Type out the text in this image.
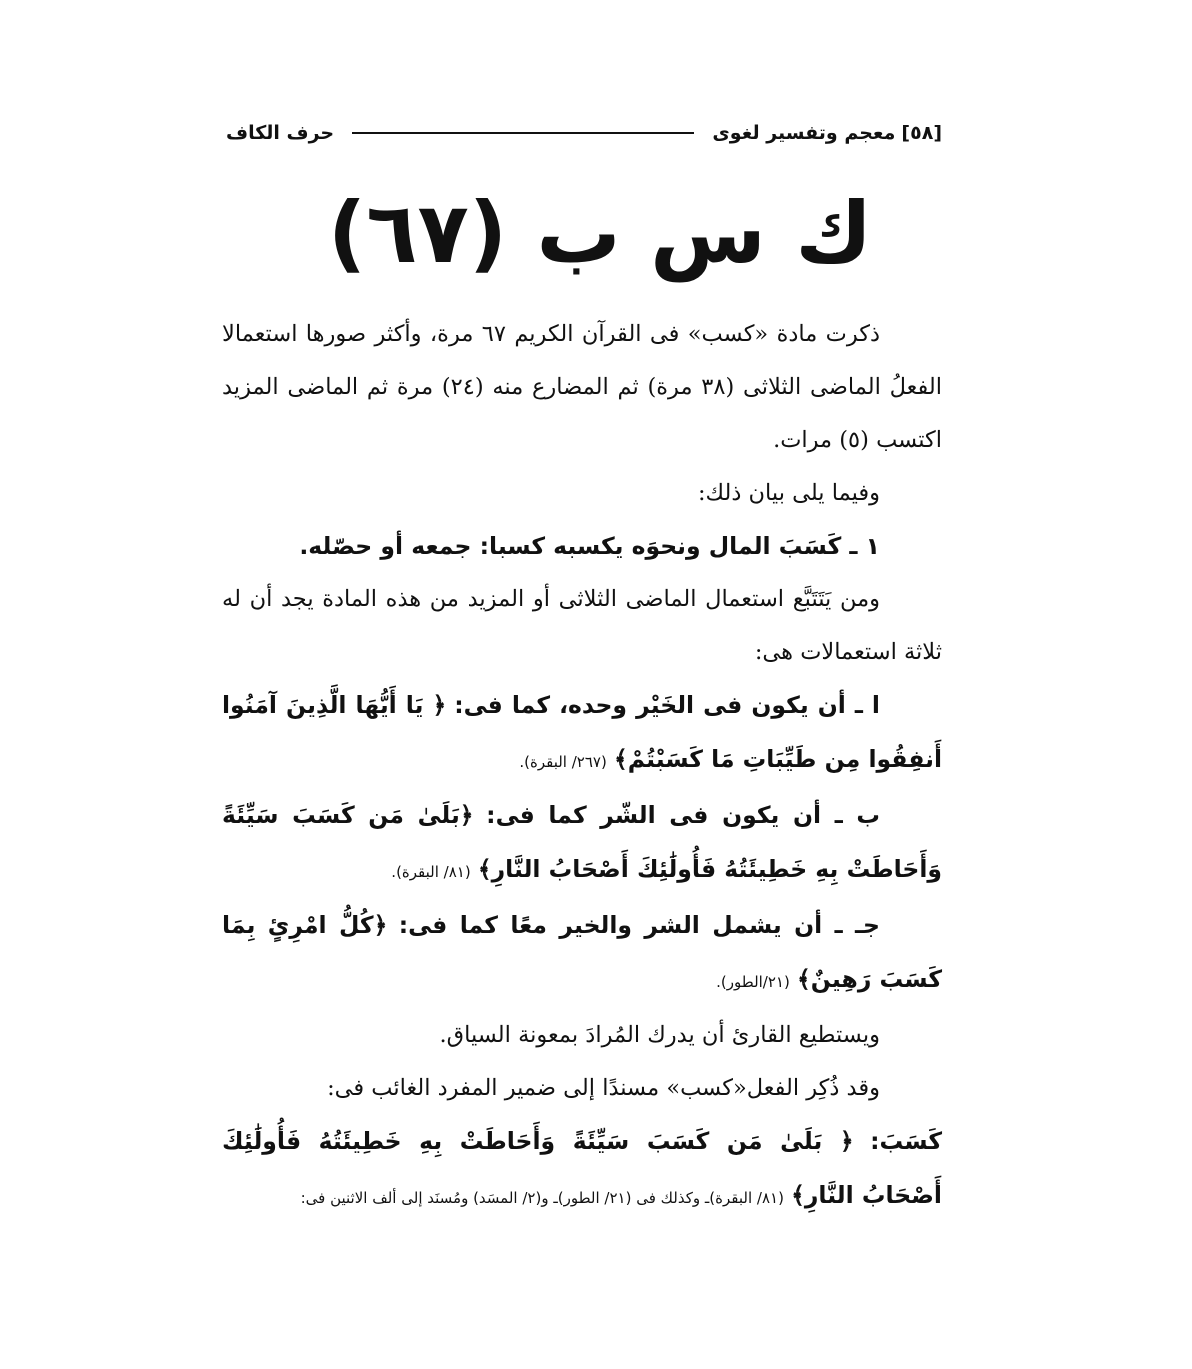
[٥٨]
معجم وتفسير لغوى
حرف الكاف
ك س ب (٦٧)

ذكرت مادة «كسب» فى القرآن الكريم ٦٧ مرة، وأكثر صورها استعمالا الفعلُ الماضى الثلاثى (٣٨ مرة) ثم المضارع منه (٢٤) مرة ثم الماضى المزيد اكتسب (٥) مرات.

وفيما يلى بيان ذلك:

١ ـ كَسَبَ المال ونحوَه يكسبه كسبا: جمعه أو حصّله.

ومن يَتَتَبَّع استعمال الماضى الثلاثى أو المزيد من هذه المادة يجد أن له ثلاثة استعمالات هى:

ا ـ أن يكون فى الخَيْر وحده، كما فى: ﴿ يَا أَيُّهَا الَّذِينَ آمَنُوا أَنفِقُوا مِن طَيِّبَاتِ مَا كَسَبْتُمْ﴾ (٢٦٧/ البقرة).

ب ـ أن يكون فى الشّر كما فى: ﴿بَلَىٰ مَن كَسَبَ سَيِّئَةً وَأَحَاطَتْ بِهِ خَطِيئَتُهُ فَأُولَٰئِكَ أَصْحَابُ النَّارِ﴾ (٨١/ البقرة).

جـ ـ أن يشمل الشر والخير معًا كما فى: ﴿كُلُّ امْرِئٍ بِمَا كَسَبَ رَهِينٌ﴾ (٢١/الطور).

ويستطيع القارئ أن يدرك المُرادَ بمعونة السياق.

وقد ذُكِر الفعل«كسب» مسندًا إلى ضمير المفرد الغائب فى:

كَسَبَ: ﴿ بَلَىٰ مَن كَسَبَ سَيِّئَةً وَأَحَاطَتْ بِهِ خَطِيئَتُهُ فَأُولَٰئِكَ أَصْحَابُ النَّارِ﴾ (٨١/ البقرة)ـ وكذلك فى (٢١/ الطور)ـ و(٢/ المسَد) ومُسنَد إلى ألف الاثنين فى:
